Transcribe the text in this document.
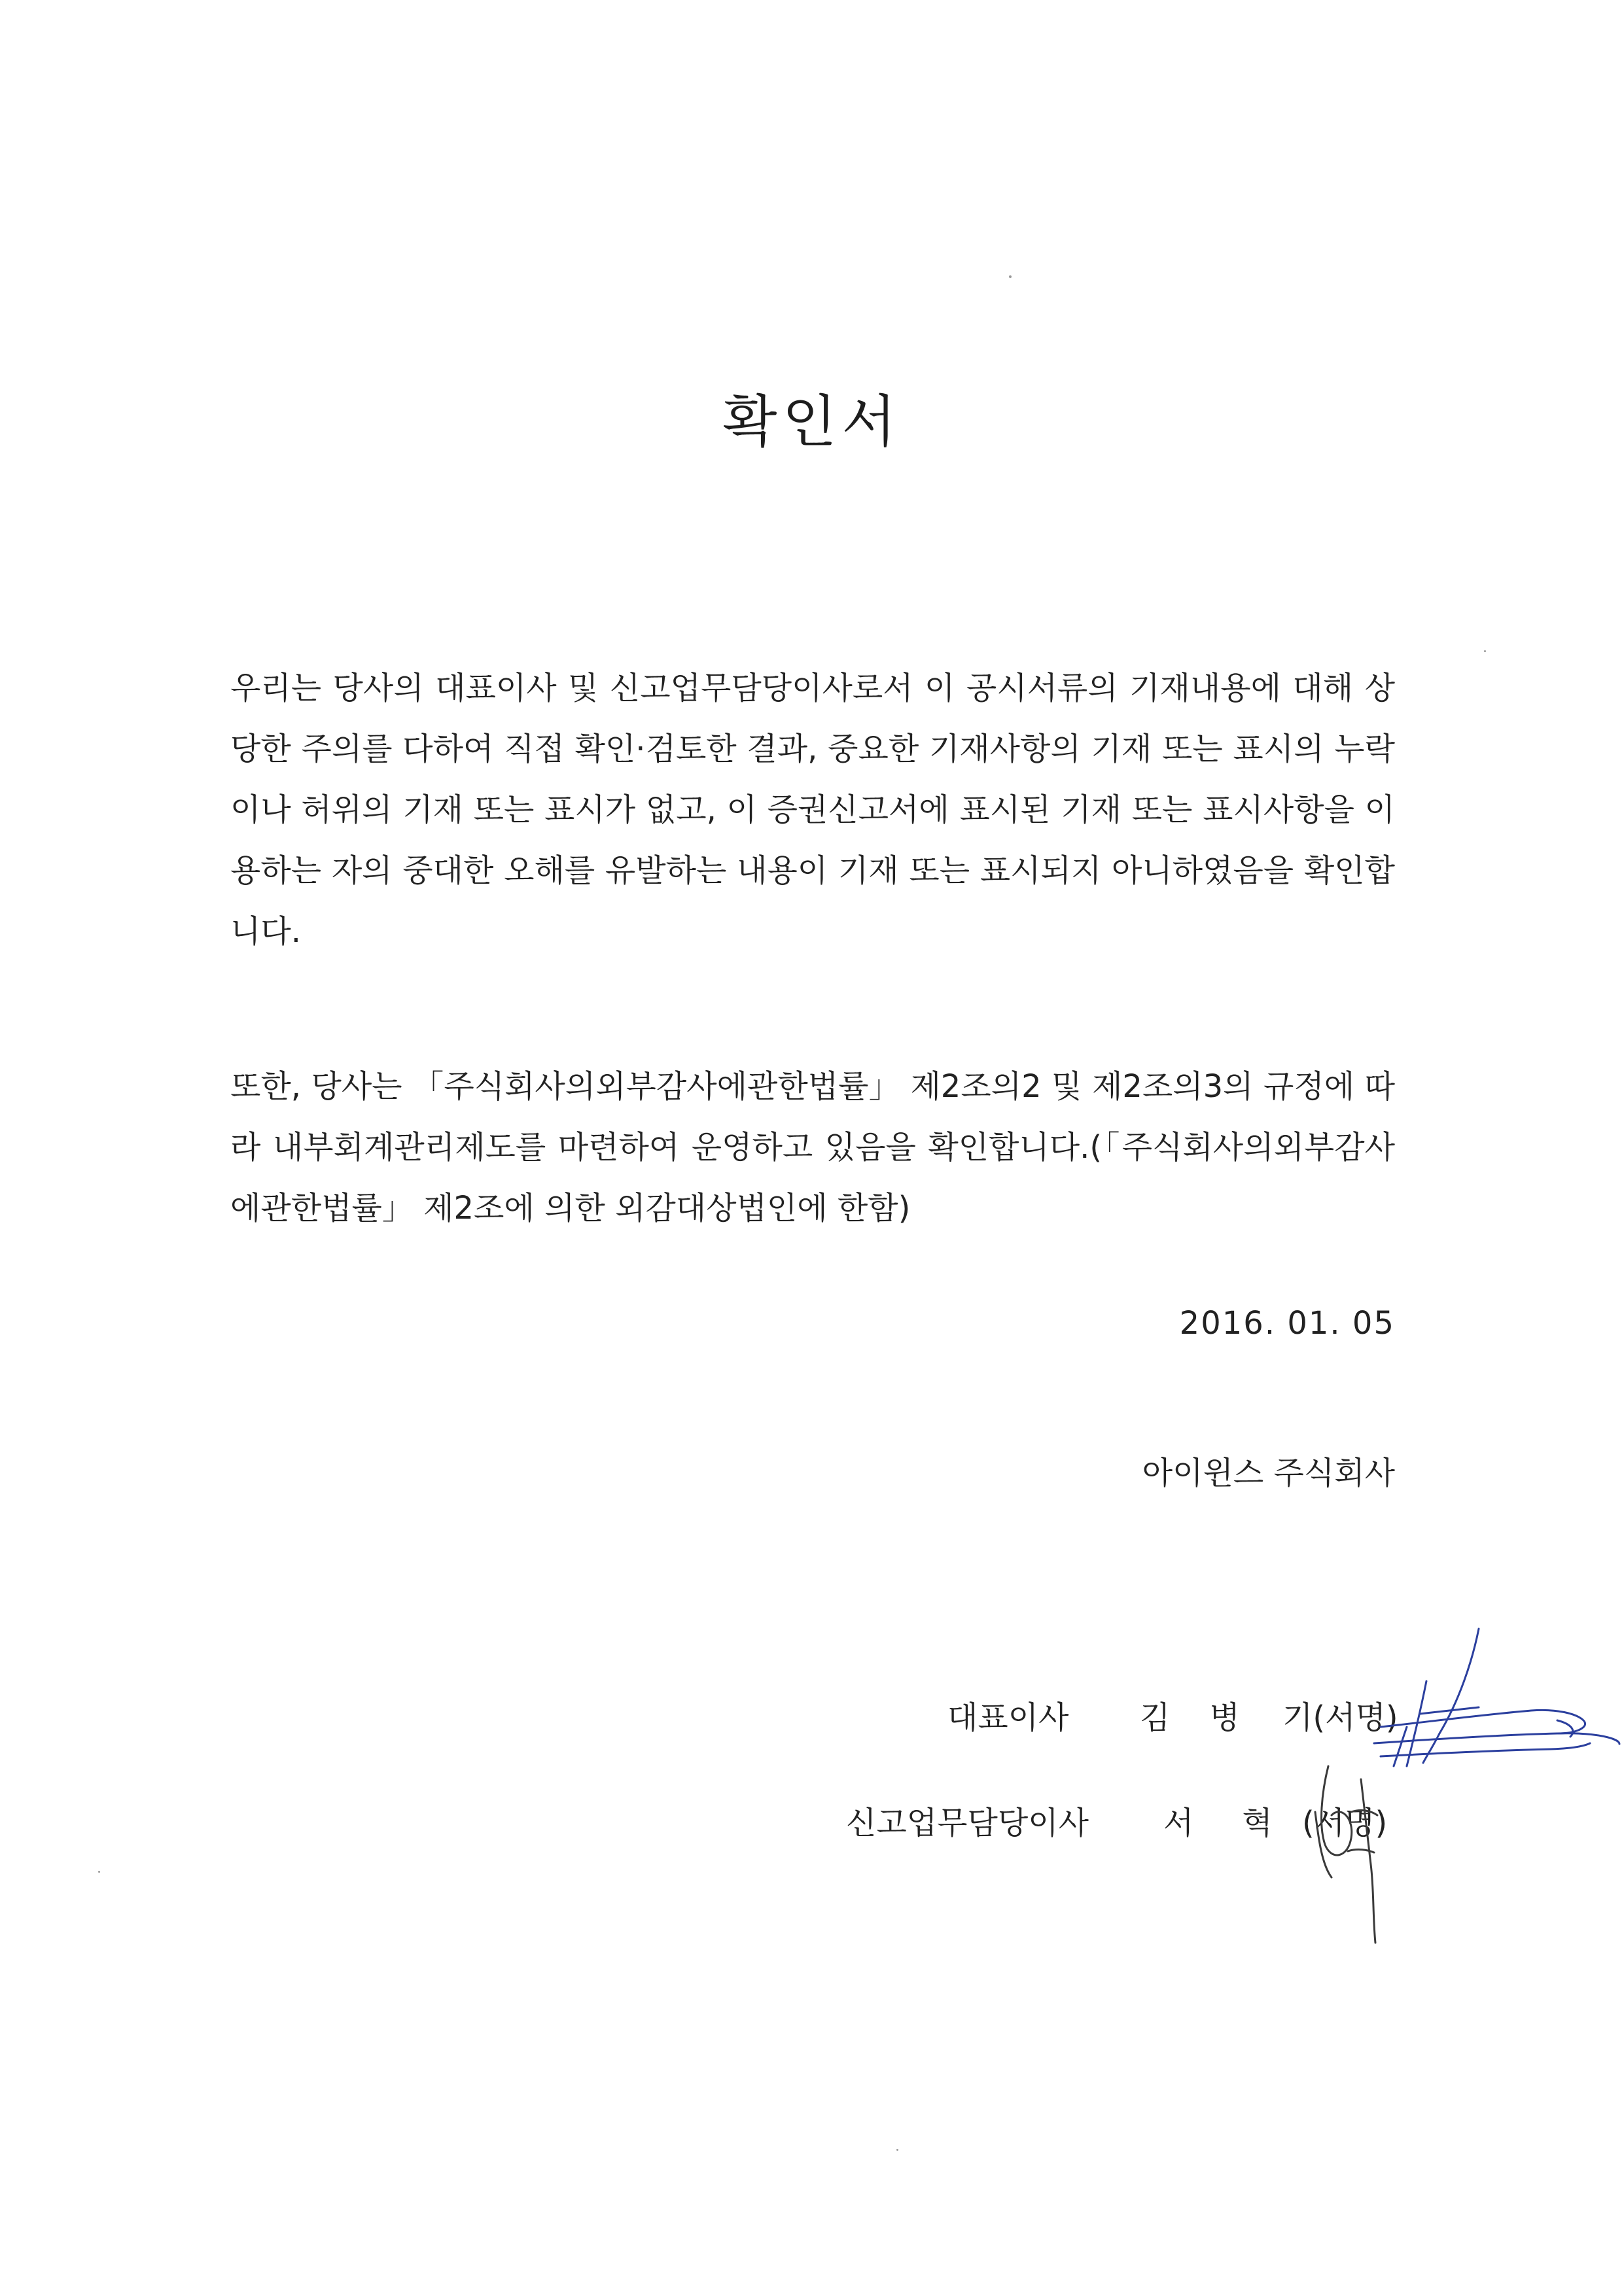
확인서
우리는 당사의 대표이사 및 신고업무담당이사로서 이 공시서류의 기재내용에 대해 상당한 주의를 다하여 직접 확인·검토한 결과, 중요한 기재사항의 기재 또는 표시의 누락이나 허위의 기재 또는 표시가 없고, 이 증권신고서에 표시된 기재 또는 표시사항을 이용하는 자의 중대한 오해를 유발하는 내용이 기재 또는 표시되지 아니하였음을 확인합니다.
또한, 당사는 「주식회사의외부감사에관한법률」 제2조의2 및 제2조의3의 규정에 따라 내부회계관리제도를 마련하여 운영하고 있음을 확인합니다.(「주식회사의외부감사에관한법률」 제2조에 의한 외감대상법인에 한함)
2016. 01. 05
아이윈스 주식회사
대표이사 김병 기(서명)
신고업무담당이사 서혁
(서명)
